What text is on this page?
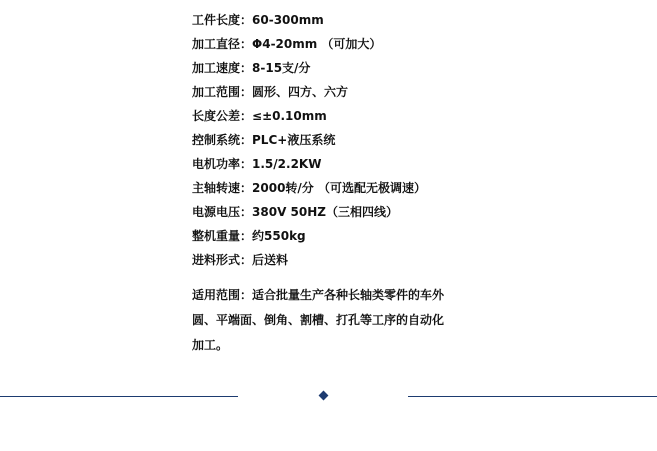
工件长度：60-300mm
加工直径：Φ4-20mm （可加大）
加工速度：8-15支/分
加工范围：圆形、四方、六方
长度公差：≤±0.10mm
控制系统：PLC+液压系统
电机功率：1.5/2.2KW
主轴转速：2000转/分 （可选配无极调速）
电源电压：380V 50HZ（三相四线）
整机重量：约550kg
进料形式：后送料
适用范围：适合批量生产各种长轴类零件的车外
圆、平端面、倒角、割槽、打孔等工序的自动化
加工。
